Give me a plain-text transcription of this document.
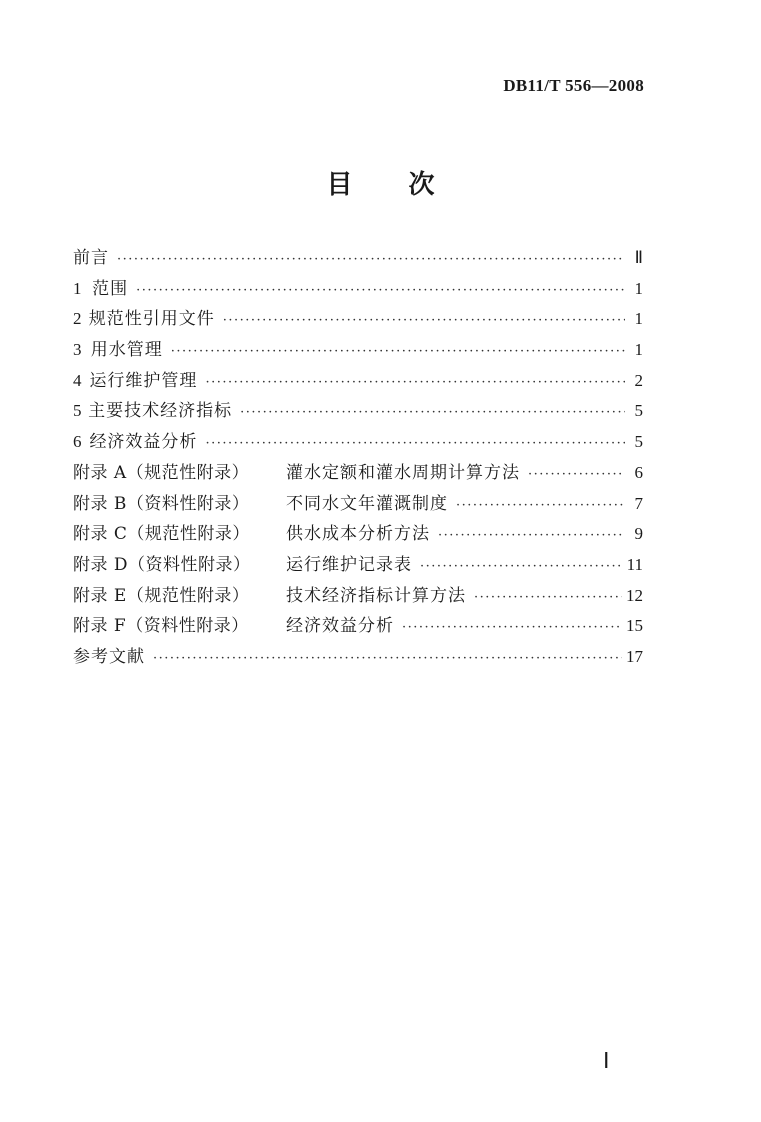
DB11/T 556—2008
目次
前言 ·····	Ⅱ
1 范围 ·····	1
2 规范性引用文件 ·····	1
3 用水管理 ·····	1
4 运行维护管理 ·····	2
5 主要技术经济指标 ·····	5
6 经济效益分析 ·····	5
附录 A（规范性附录）	灌水定额和灌水周期计算方法 ·····	6
附录 B（资料性附录）	不同水文年灌溉制度 ·····	7
附录 C（规范性附录）	供水成本分析方法 ·····	9
附录 D（资料性附录）	运行维护记录表 ·····	11
附录 E（规范性附录）	技术经济指标计算方法 ·····	12
附录 F（资料性附录）	经济效益分析 ·····	15
参考文献 ·····	17
Ⅰ
